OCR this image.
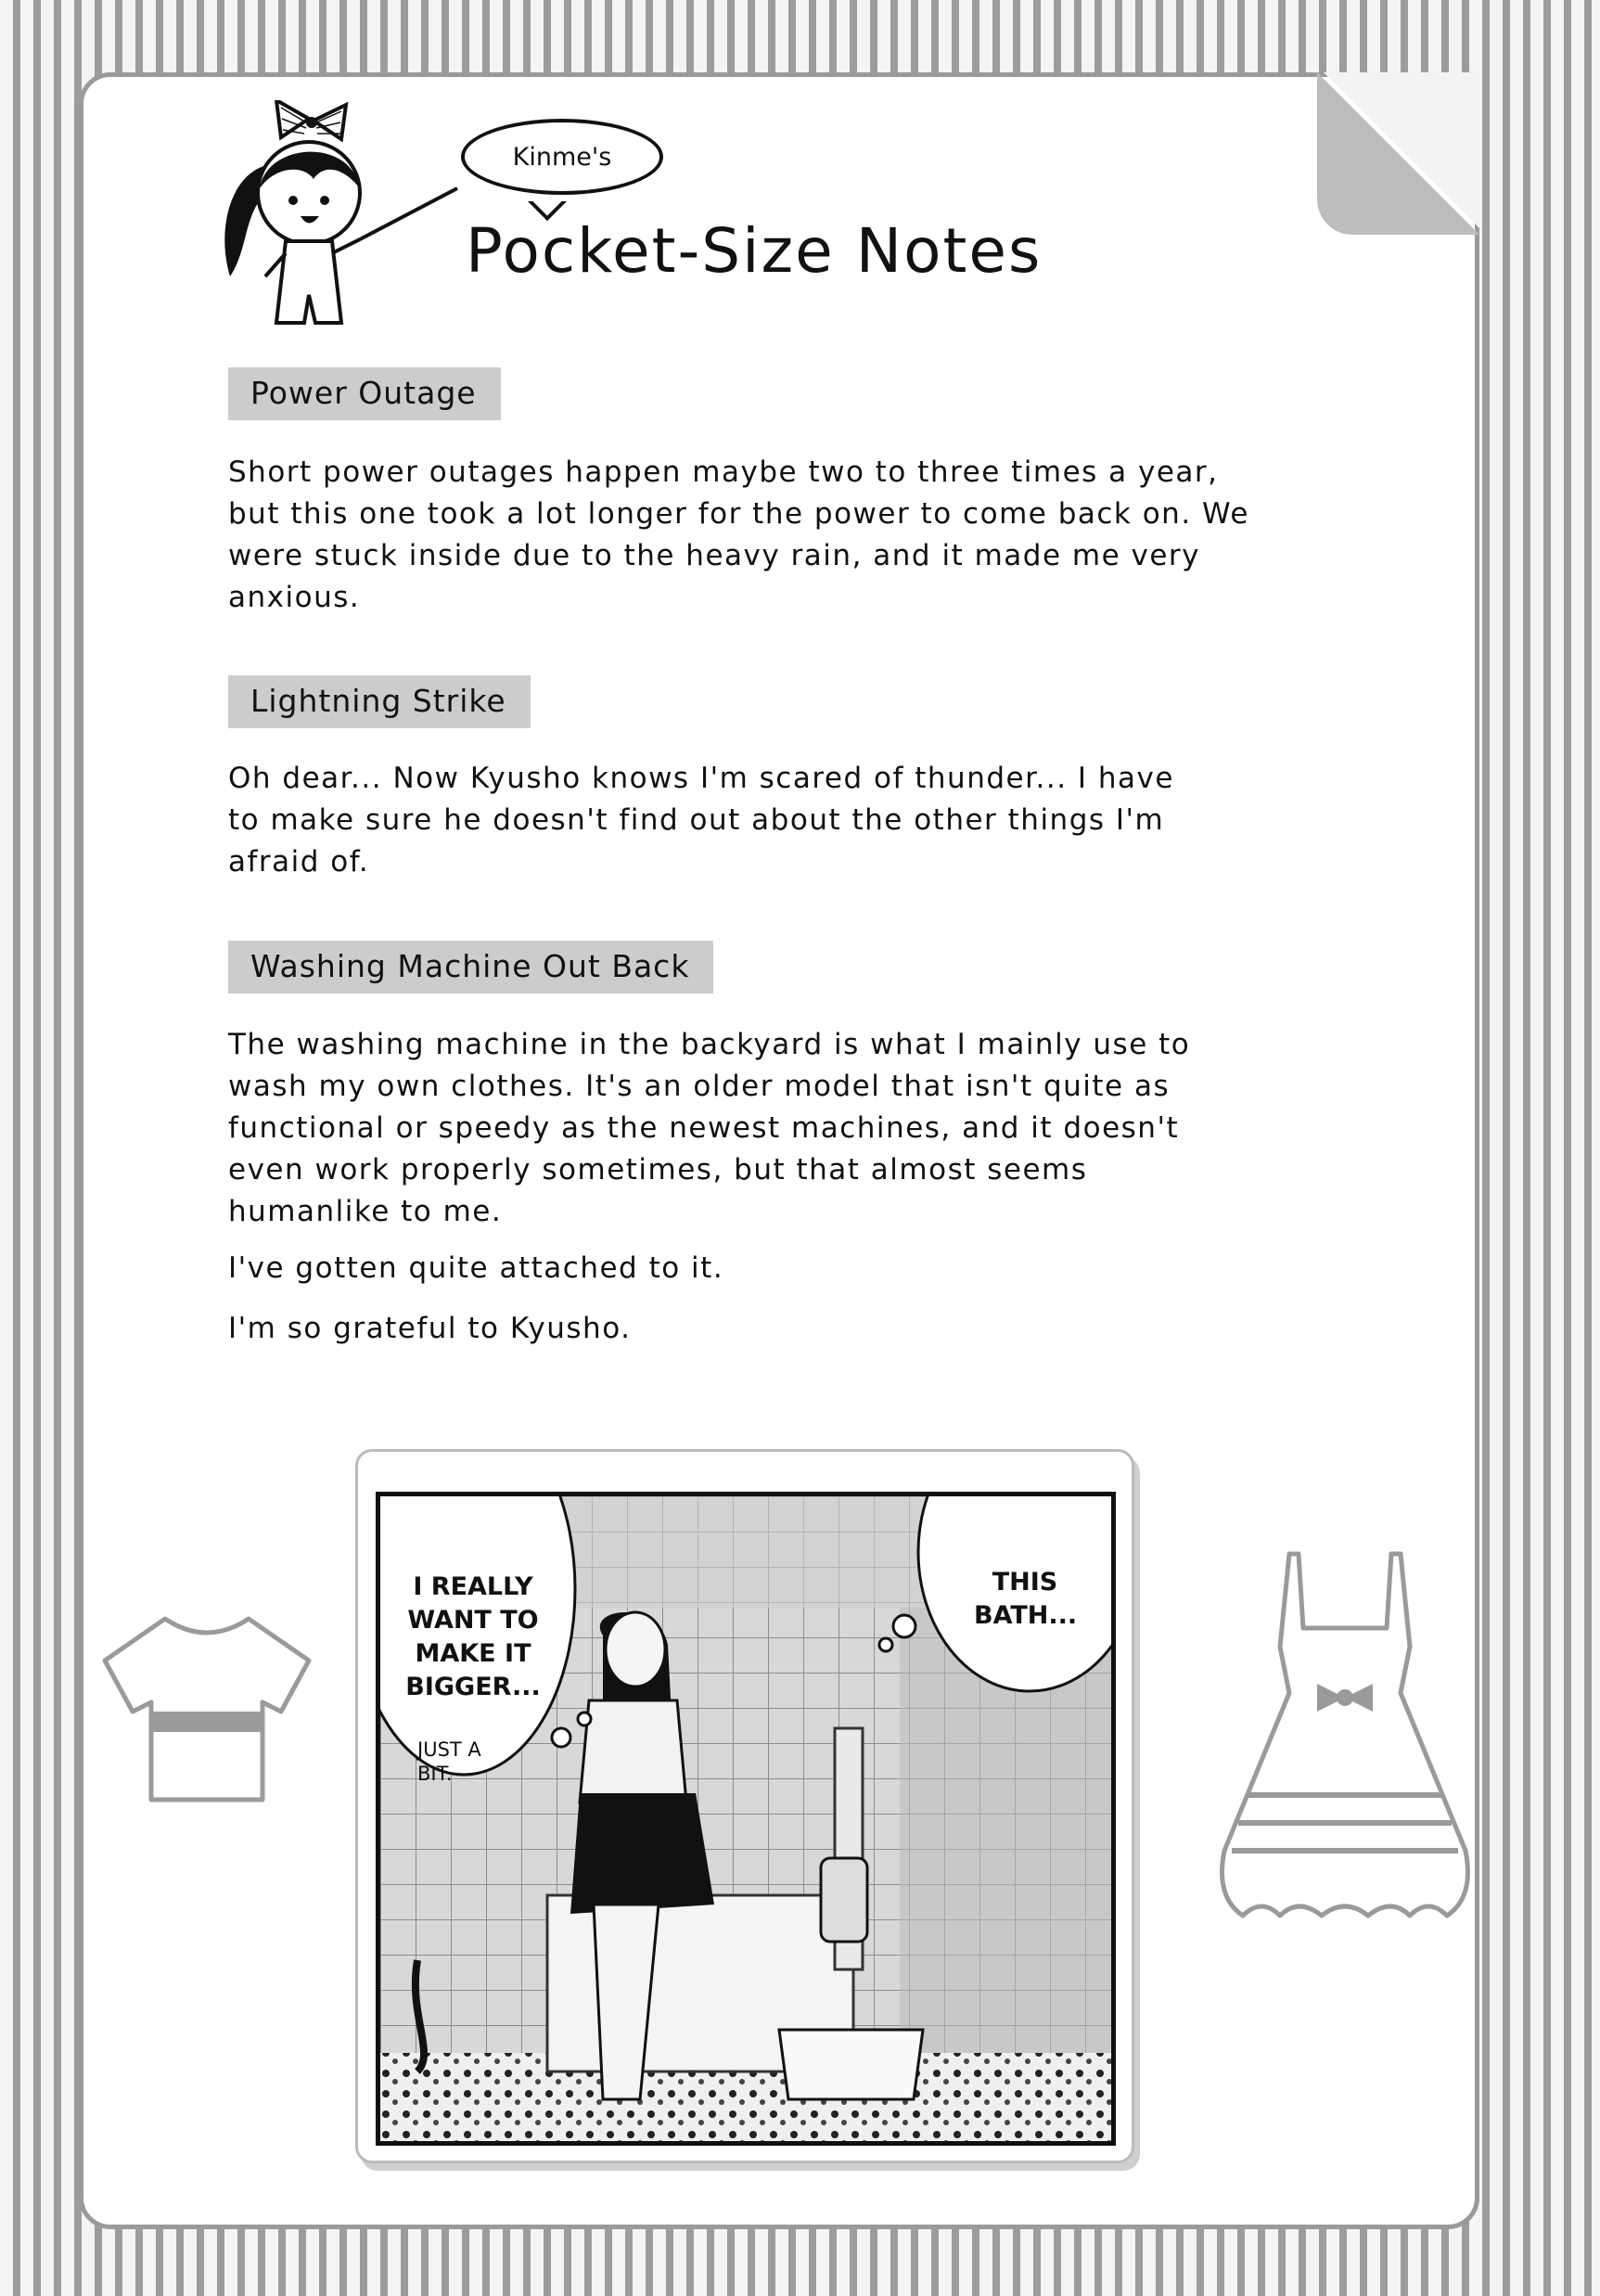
Kinme's
Pocket-Size Notes
Power Outage

Short power outages happen maybe two to three times a year, but this one took a lot longer for the power to come back on. We were stuck inside due to the heavy rain, and it made me very anxious.

Lightning Strike

Oh dear... Now Kyusho knows I'm scared of thunder... I have to make sure he doesn't find out about the other things I'm afraid of.

Washing Machine Out Back

The washing machine in the backyard is what I mainly use to wash my own clothes. It's an older model that isn't quite as functional or speedy as the newest machines, and it doesn't even work properly sometimes, but that almost seems humanlike to me.

I've gotten quite attached to it.

I'm so grateful to Kyusho.

I REALLY WANT TO MAKE IT BIGGER...
JUST A BIT.
THIS BATH...
